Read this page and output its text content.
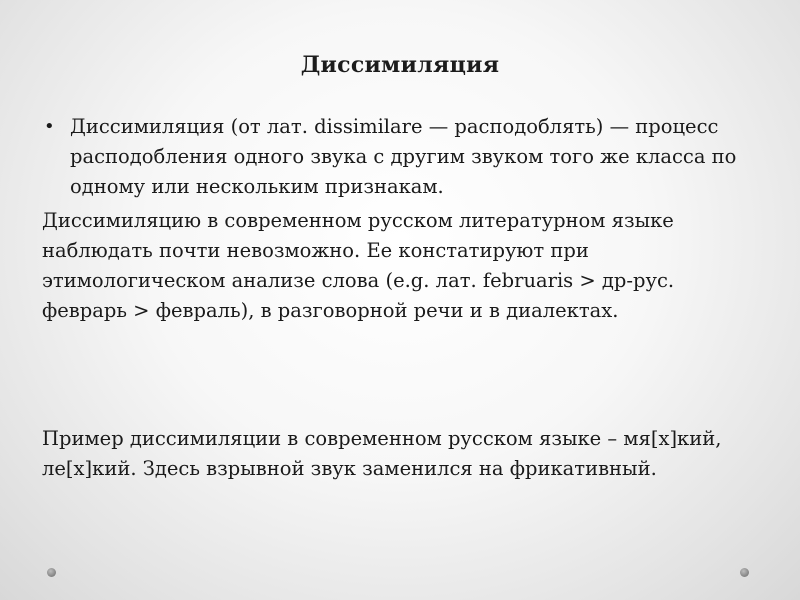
Диссимиляция
• Диссимиляция (от лат. dissimilare — расподоблять) — процесс расподобления одного звука с другим звуком того же класса по одному или нескольким признакам.

Диссимиляцию в современном русском литературном языке наблюдать почти невозможно. Ее констатируют при этимологическом анализе слова (e.g. лат. februaris > др-рус. феврарь > февраль), в разговорной речи и в диалектах.

Пример диссимиляции в современном русском языке – мя[х]кий, ле[х]кий. Здесь взрывной звук заменился на фрикативный.
